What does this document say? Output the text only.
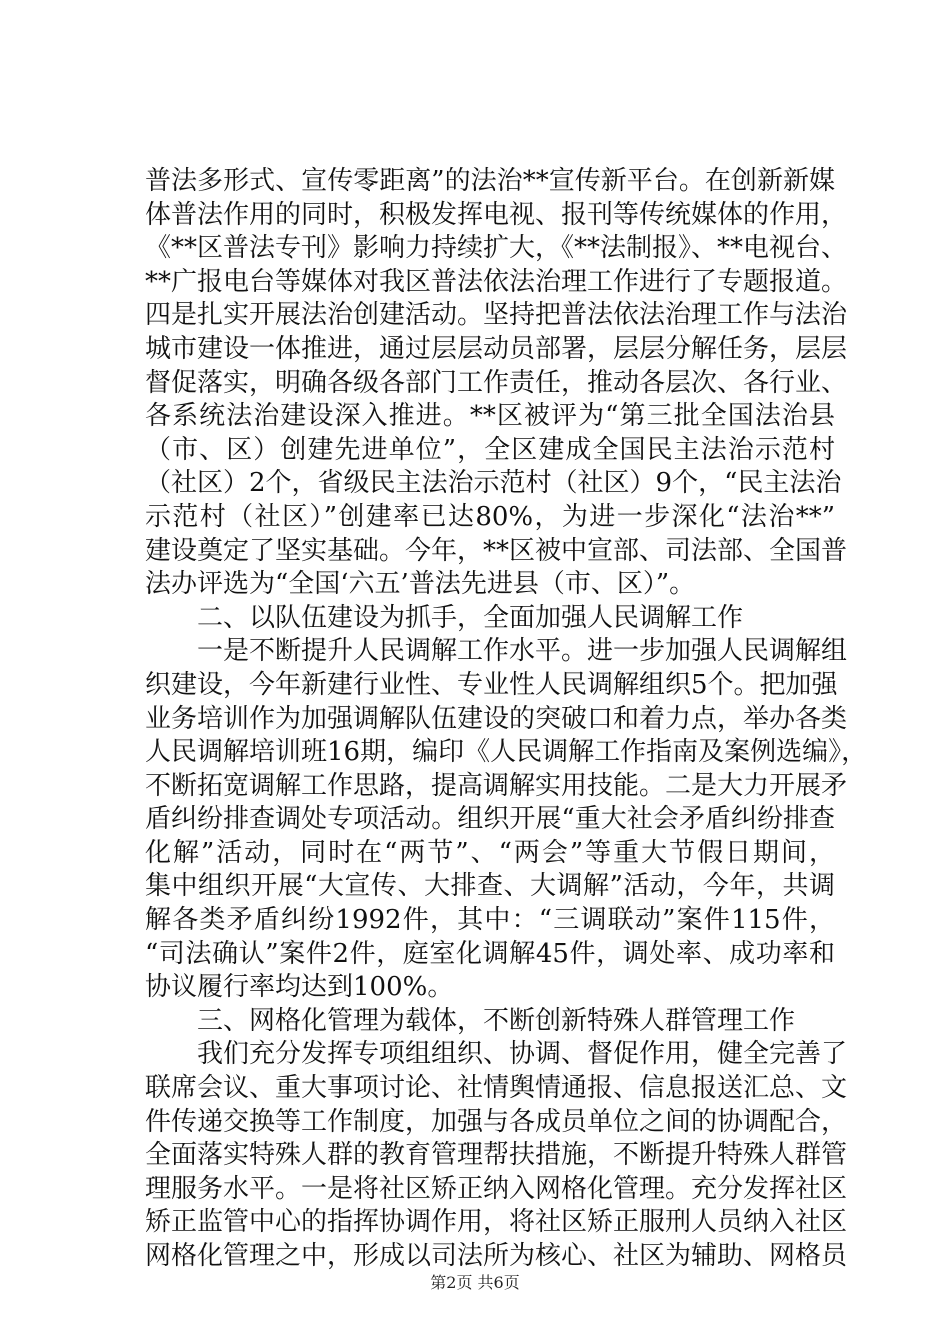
普法多形式、宣传零距离”的法治**宣传新平台。在创新新媒
体普法作用的同时，积极发挥电视、报刊等传统媒体的作用，
《**区普法专刊》影响力持续扩大，《**法制报》、**电视台、
**广报电台等媒体对我区普法依法治理工作进行了专题报道。
四是扎实开展法治创建活动。坚持把普法依法治理工作与法治
城市建设一体推进，通过层层动员部署，层层分解任务，层层
督促落实，明确各级各部门工作责任，推动各层次、各行业、
各系统法治建设深入推进。**区被评为“第三批全国法治县
（市、区）创建先进单位”，全区建成全国民主法治示范村
（社区）2个，省级民主法治示范村（社区）9个，“民主法治
示范村（社区）”创建率已达80%，为进一步深化“法治**”
建设奠定了坚实基础。今年，**区被中宣部、司法部、全国普
法办评选为“全国‘六五’普法先进县（市、区）”。
二、以队伍建设为抓手，全面加强人民调解工作
一是不断提升人民调解工作水平。进一步加强人民调解组
织建设，今年新建行业性、专业性人民调解组织5个。把加强
业务培训作为加强调解队伍建设的突破口和着力点，举办各类
人民调解培训班16期，编印《人民调解工作指南及案例选编》，
不断拓宽调解工作思路，提高调解实用技能。二是大力开展矛
盾纠纷排查调处专项活动。组织开展“重大社会矛盾纠纷排查
化解”活动，同时在“两节”、“两会”等重大节假日期间，
集中组织开展“大宣传、大排查、大调解”活动，今年，共调
解各类矛盾纠纷1992件，其中：“三调联动”案件115件，
“司法确认”案件2件，庭室化调解45件，调处率、成功率和
协议履行率均达到100%。
三、网格化管理为载体，不断创新特殊人群管理工作
我们充分发挥专项组组织、协调、督促作用，健全完善了
联席会议、重大事项讨论、社情舆情通报、信息报送汇总、文
件传递交换等工作制度，加强与各成员单位之间的协调配合，
全面落实特殊人群的教育管理帮扶措施，不断提升特殊人群管
理服务水平。一是将社区矫正纳入网格化管理。充分发挥社区
矫正监管中心的指挥协调作用，将社区矫正服刑人员纳入社区
网格化管理之中，形成以司法所为核心、社区为辅助、网格员
第2页 共6页
